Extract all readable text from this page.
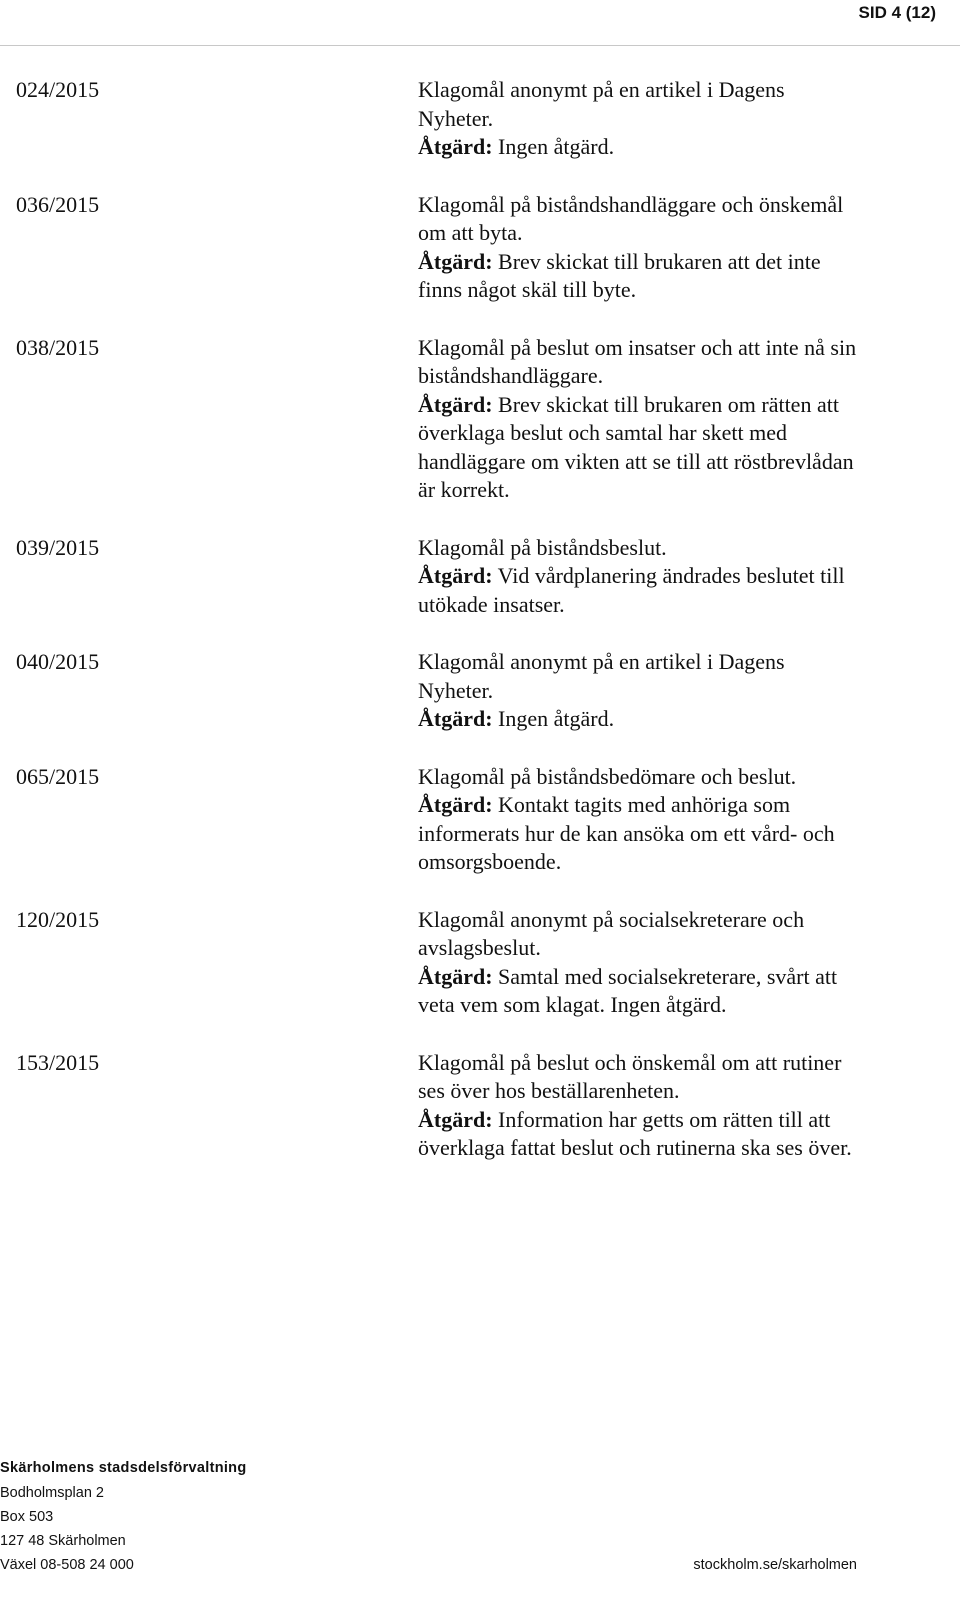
SID 4 (12)
024/2015	Klagomål anonymt på en artikel i Dagens Nyheter.
Åtgärd: Ingen åtgärd.
036/2015	Klagomål på biståndshandläggare och önskemål om att byta.
Åtgärd: Brev skickat till brukaren att det inte finns något skäl till byte.
038/2015	Klagomål på beslut om insatser och att inte nå sin biståndshandläggare.
Åtgärd: Brev skickat till brukaren om rätten att överklaga beslut och samtal har skett med handläggare om vikten att se till att röstbrevlådan är korrekt.
039/2015	Klagomål på biståndsbeslut.
Åtgärd: Vid vårdplanering ändrades beslutet till utökade insatser.
040/2015	Klagomål anonymt på en artikel i Dagens Nyheter.
Åtgärd: Ingen åtgärd.
065/2015	Klagomål på biståndsbedömare och beslut.
Åtgärd: Kontakt tagits med anhöriga som informerats hur de kan ansöka om ett vård- och omsorgsboende.
120/2015	Klagomål anonymt på socialsekreterare och avslagsbeslut.
Åtgärd: Samtal med socialsekreterare, svårt att veta vem som klagat. Ingen åtgärd.
153/2015	Klagomål på beslut och önskemål om att rutiner ses över hos beställarenheten.
Åtgärd: Information har getts om rätten till att överklaga fattat beslut och rutinerna ska ses över.
Skärholmens stadsdelsförvaltning
Bodholmsplan 2
Box 503
127 48 Skärholmen
Växel 08-508 24 000	stockholm.se/skarholmen
